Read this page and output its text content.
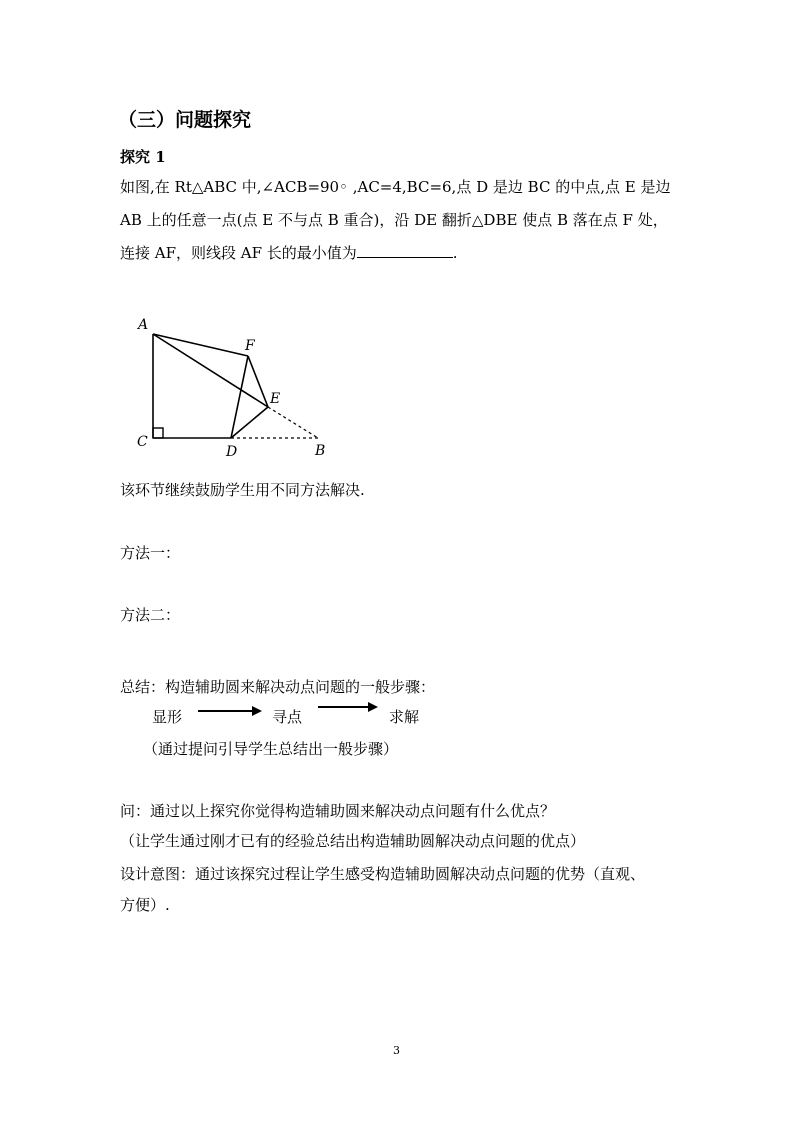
（三）问题探究
探究 1
如图,在 Rt△ABC 中,∠ACB=90◦ ,AC=4,BC=6,点 D 是边 BC 的中点,点 E 是边
AB 上的任意一点(点 E 不与点 B 重合)，沿 DE 翻折△DBE 使点 B 落在点 F 处，
连接 AF，则线段 AF 长的最小值为	.
A
F
E
C
D	B
该环节继续鼓励学生用不同方法解决.
方法一：
方法二：
总结：构造辅助圆来解决动点问题的一般步骤：
显形	寻点	求解
（通过提问引导学生总结出一般步骤）
问：通过以上探究你觉得构造辅助圆来解决动点问题有什么优点？
（让学生通过刚才已有的经验总结出构造辅助圆解决动点问题的优点）
设计意图：通过该探究过程让学生感受构造辅助圆解决动点问题的优势（直观、
方便）.
3
